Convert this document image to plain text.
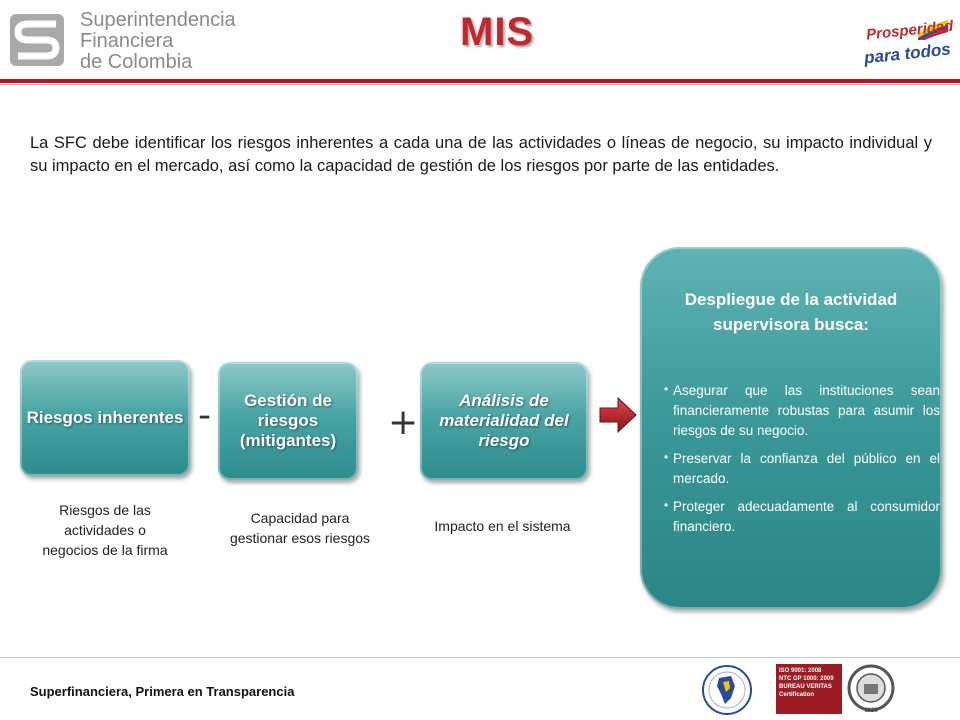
Superintendencia
Financiera
de Colombia
MIS	Prosperidad
para todos
La SFC debe identificar los riesgos inherentes a cada una de las actividades o líneas de negocio, su impacto individual y su impacto en el mercado, así como la capacidad de gestión de los riesgos por parte de las entidades.
Riesgos inherentes -	Gestión de riesgos (mitigantes)	+
Análisis de materialidad del riesgo
Riesgos de las actividades o negocios de la firma
Capacidad para gestionar esos riesgos
Impacto en el sistema
Despliegue de la actividad supervisora busca:
• Asegurar que las instituciones sean financieramente robustas para asumir los riesgos de su negocio.
• Preservar la confianza del público en el mercado.
• Proteger adecuadamente al consumidor financiero.
Superfinanciera, Primera en Transparencia
ISO 9001: 2008
NTC GP 1000: 2009
BUREAU VERITAS
Certification
1828
